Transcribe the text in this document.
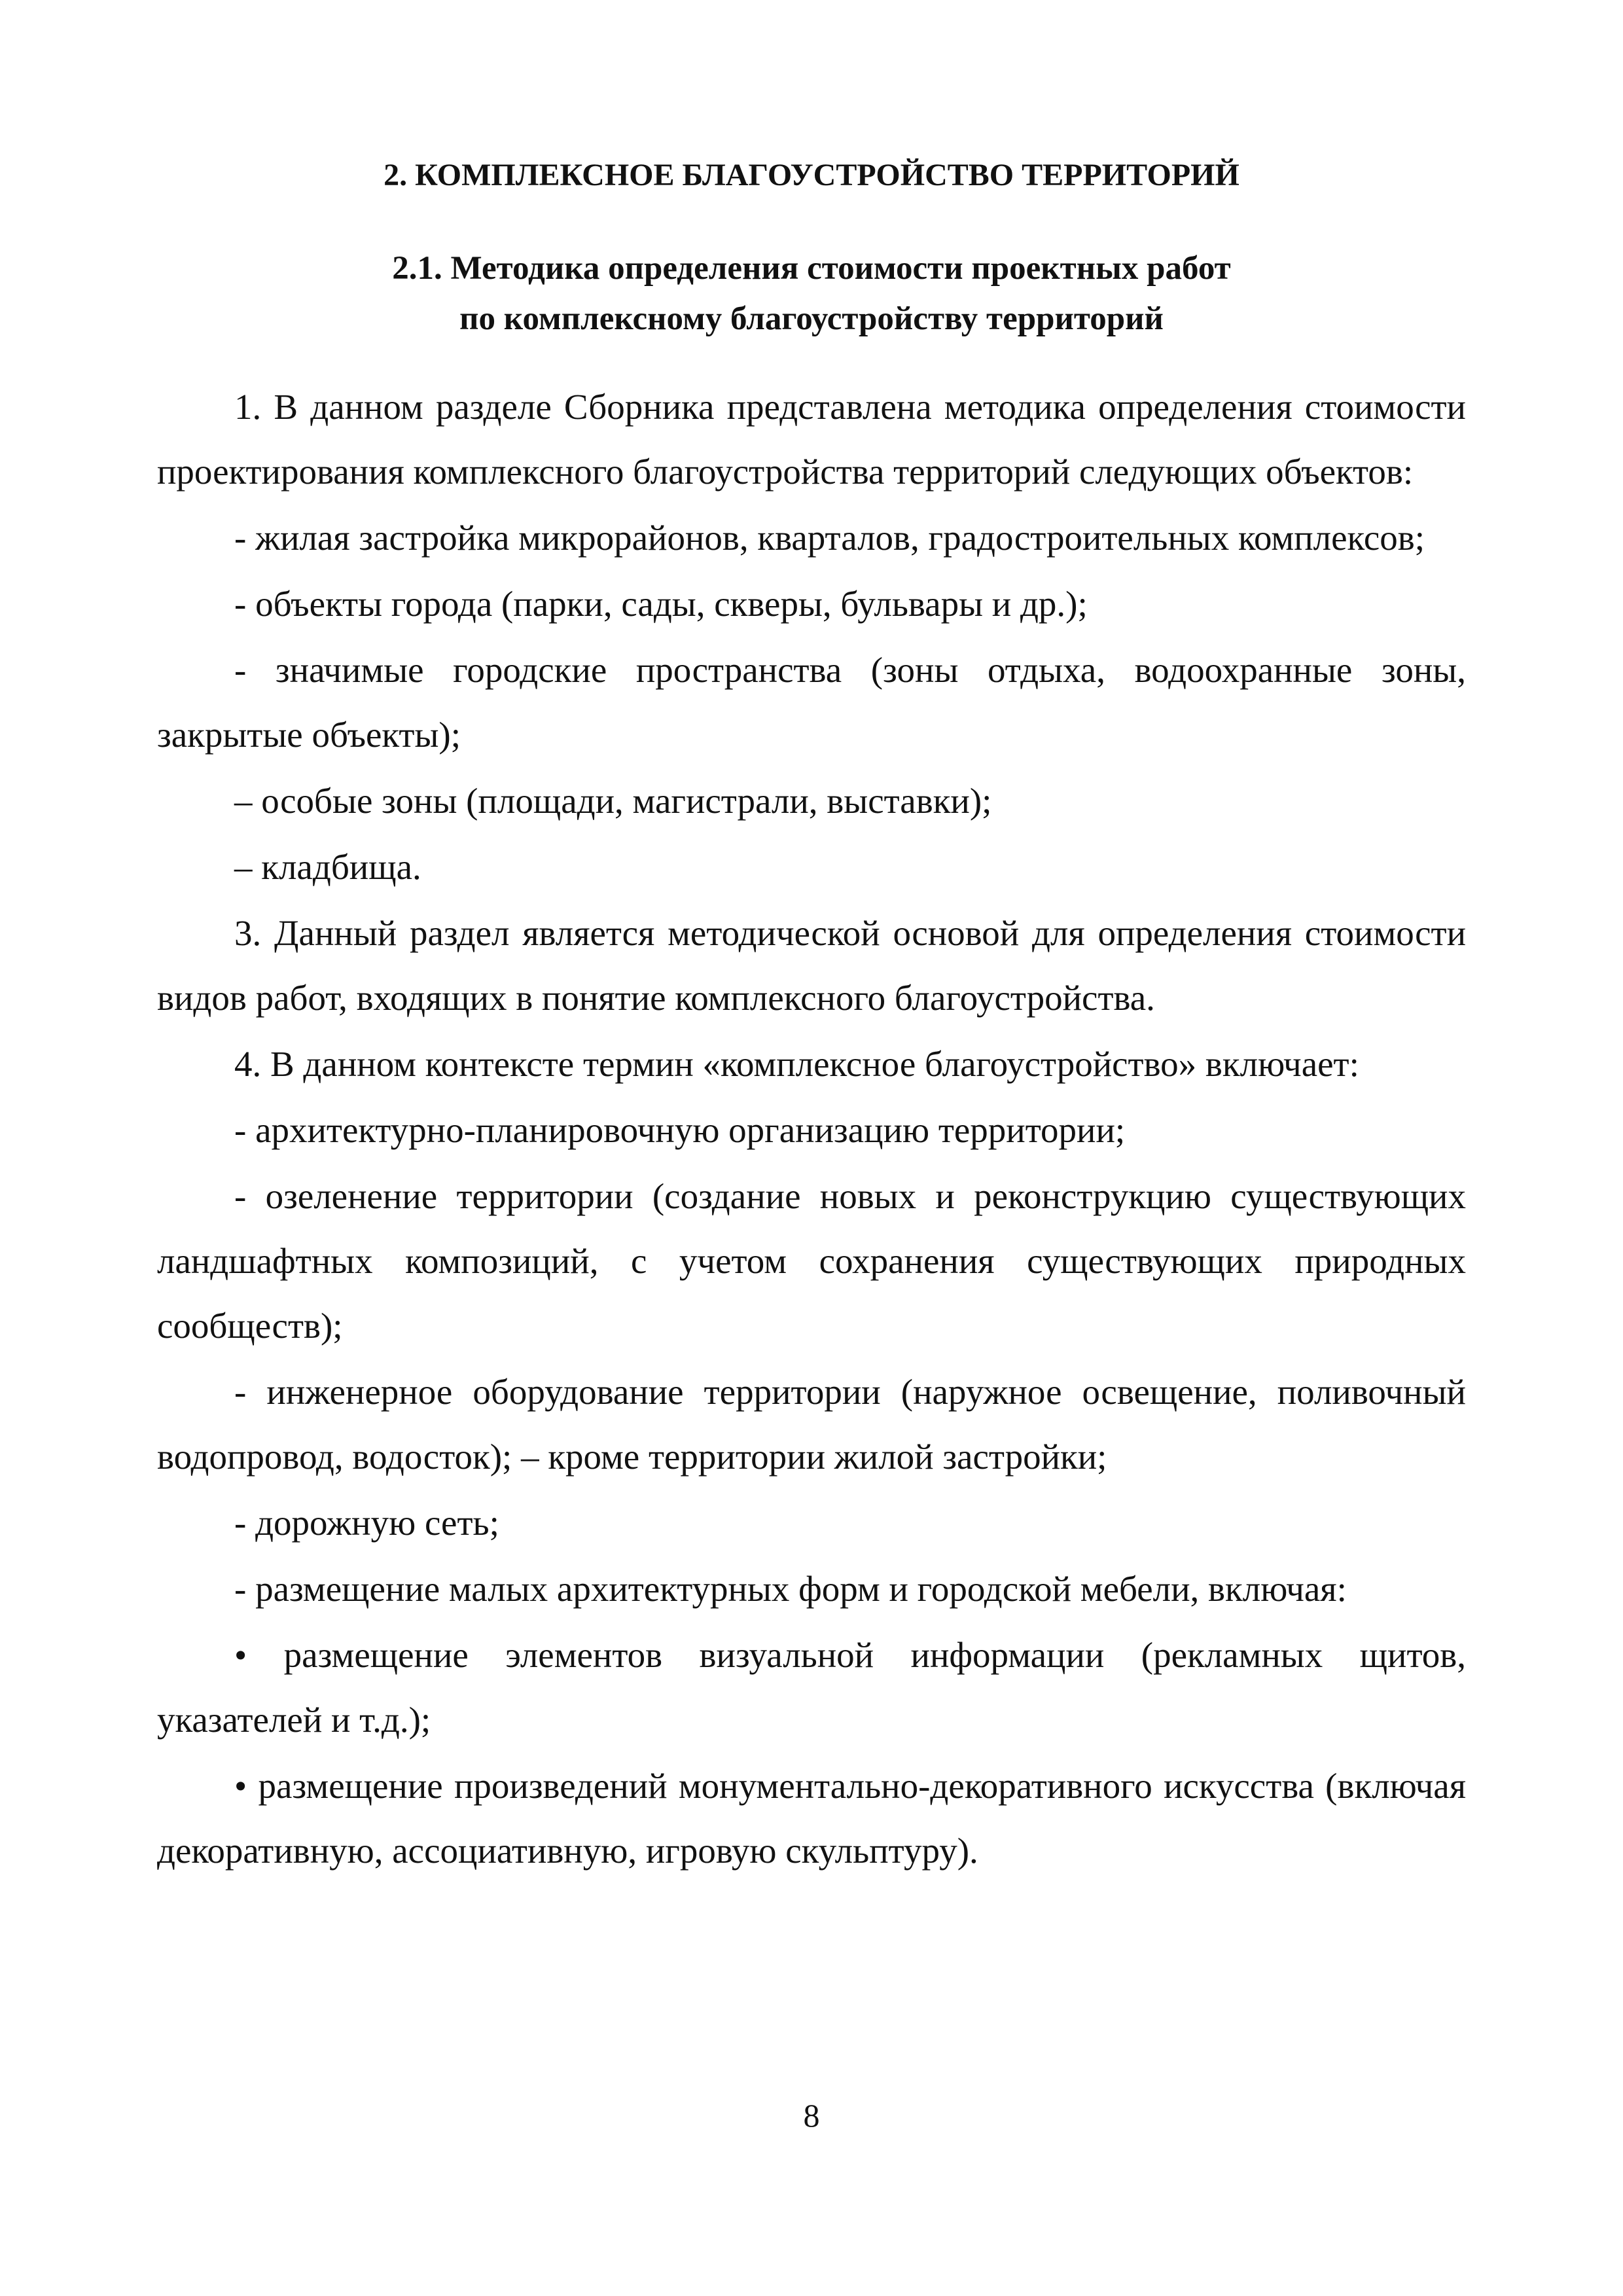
2. КОМПЛЕКСНОЕ БЛАГОУСТРОЙСТВО ТЕРРИТОРИЙ
2.1. Методика определения стоимости проектных работ
по комплексному благоустройству территорий

1. В данном разделе Сборника представлена методика определения стоимости проектирования комплексного благоустройства территорий следующих объектов:

- жилая застройка микрорайонов, кварталов, градостроительных комплексов;

- объекты города (парки, сады, скверы, бульвары и др.);

- значимые городские пространства (зоны отдыха, водоохранные зоны, закрытые объекты);

– особые зоны (площади, магистрали, выставки);

– кладбища.

3. Данный раздел является методической основой для определения стоимости видов работ, входящих в понятие комплексного благоустройства.

4. В данном контексте термин «комплексное благоустройство» включает:

- архитектурно-планировочную организацию территории;

- озеленение территории (создание новых и реконструкцию существующих ландшафтных композиций, с учетом сохранения существующих природных сообществ);

- инженерное оборудование территории (наружное освещение, поливочный водопровод, водосток); – кроме территории жилой застройки;

- дорожную сеть;

- размещение малых архитектурных форм и городской мебели, включая:

• размещение элементов визуальной информации (рекламных щитов, указателей и т.д.);

• размещение произведений монументально-декоративного искусства (включая декоративную, ассоциативную, игровую скульптуру).

8
